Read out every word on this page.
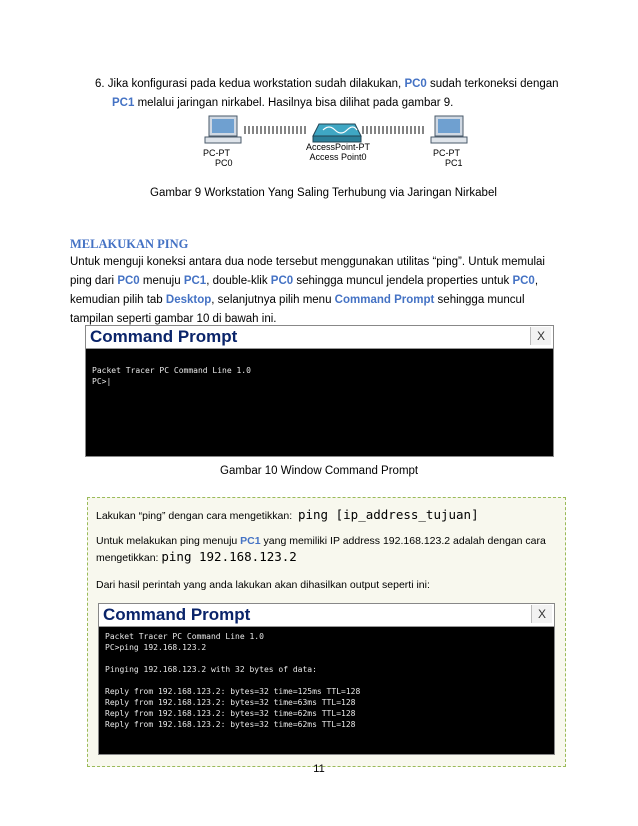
6. Jika konfigurasi pada kedua workstation sudah dilakukan, PC0 sudah terkoneksi dengan
PC1 melalui jaringan nirkabel. Hasilnya bisa dilihat pada gambar 9.
PC-PT
PC0
AccessPoint-PT
Access Point0	PC-PT
PC1
Gambar 9 Workstation Yang Saling Terhubung via Jaringan Nirkabel
MELAKUKAN PING
Untuk menguji koneksi antara dua node tersebut menggunakan utilitas “ping”. Untuk memulai
ping dari PC0 menuju PC1, double-klik PC0 sehingga muncul jendela properties untuk PC0,
kemudian pilih tab Desktop, selanjutnya pilih menu Command Prompt sehingga muncul
tampilan seperti gambar 10 di bawah ini.
Command Prompt	X
Packet Tracer PC Command Line 1.0
PC>|
Gambar 10 Window Command Prompt
Lakukan “ping” dengan cara mengetikkan: ping [ip_address_tujuan]
Untuk melakukan ping menuju PC1 yang memiliki IP address 192.168.123.2 adalah dengan cara
mengetikkan: ping 192.168.123.2
Dari hasil perintah yang anda lakukan akan dihasilkan output seperti ini:
Command Prompt	X
Packet Tracer PC Command Line 1.0
PC>ping 192.168.123.2

Pinging 192.168.123.2 with 32 bytes of data:

Reply from 192.168.123.2: bytes=32 time=125ms TTL=128
Reply from 192.168.123.2: bytes=32 time=63ms TTL=128
Reply from 192.168.123.2: bytes=32 time=62ms TTL=128
Reply from 192.168.123.2: bytes=32 time=62ms TTL=128
11
